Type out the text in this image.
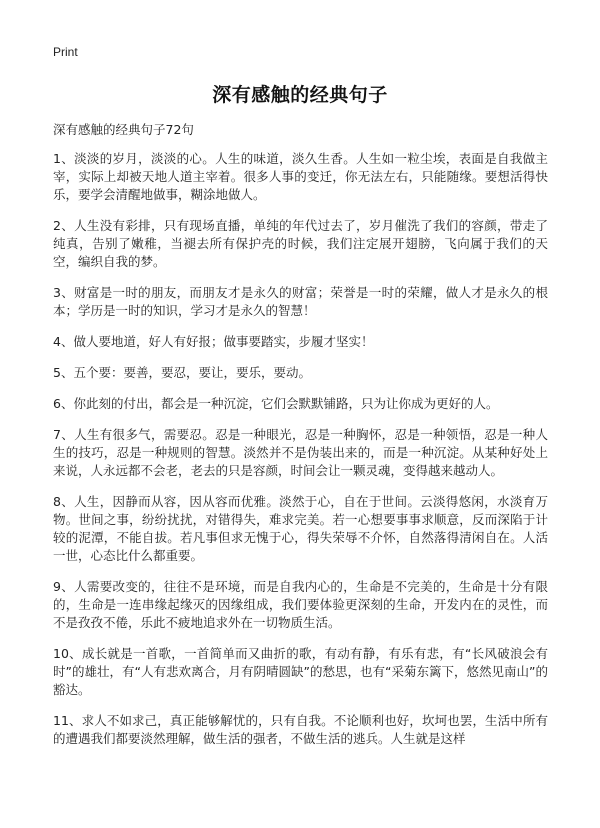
Print
深有感触的经典句子
深有感触的经典句子72句

1、淡淡的岁月，淡淡的心。人生的味道，淡久生香。人生如一粒尘埃，表面是自我做主宰，实际上却被天地人道主宰着。很多人事的变迁，你无法左右，只能随缘。要想活得快乐，要学会清醒地做事，糊涂地做人。

2、人生没有彩排，只有现场直播，单纯的年代过去了，岁月催洗了我们的容颜，带走了纯真，告别了嫩稚，当褪去所有保护壳的时候，我们注定展开翅膀，飞向属于我们的天空，编织自我的梦。

3、财富是一时的朋友，而朋友才是永久的财富；荣誉是一时的荣耀，做人才是永久的根本；学历是一时的知识，学习才是永久的智慧！

4、做人要地道，好人有好报；做事要踏实，步履才坚实！

5、五个要：要善，要忍，要让，要乐，要动。

6、你此刻的付出，都会是一种沉淀，它们会默默铺路，只为让你成为更好的人。

7、人生有很多气，需要忍。忍是一种眼光，忍是一种胸怀，忍是一种领悟，忍是一种人生的技巧，忍是一种规则的智慧。淡然并不是伪装出来的，而是一种沉淀。从某种好处上来说，人永远都不会老，老去的只是容颜，时间会让一颗灵魂，变得越来越动人。

8、人生，因静而从容，因从容而优雅。淡然于心，自在于世间。云淡得悠闲，水淡育万物。世间之事，纷纷扰扰，对错得失，难求完美。若一心想要事事求顺意，反而深陷于计较的泥潭，不能自拔。若凡事但求无愧于心，得失荣辱不介怀，自然落得清闲自在。人活一世，心态比什么都重要。

9、人需要改变的，往往不是环境，而是自我内心的，生命是不完美的，生命是十分有限的，生命是一连串缘起缘灭的因缘组成，我们要体验更深刻的生命，开发内在的灵性，而不是孜孜不倦，乐此不疲地追求外在一切物质生活。

10、成长就是一首歌，一首简单而又曲折的歌，有动有静，有乐有悲，有“长风破浪会有时”的雄壮，有“人有悲欢离合，月有阴晴圆缺”的愁思，也有“采菊东篱下，悠然见南山”的豁达。

11、求人不如求己，真正能够解忧的，只有自我。不论顺利也好，坎坷也罢，生活中所有的遭遇我们都要淡然理解，做生活的强者，不做生活的逃兵。人生就是这样
